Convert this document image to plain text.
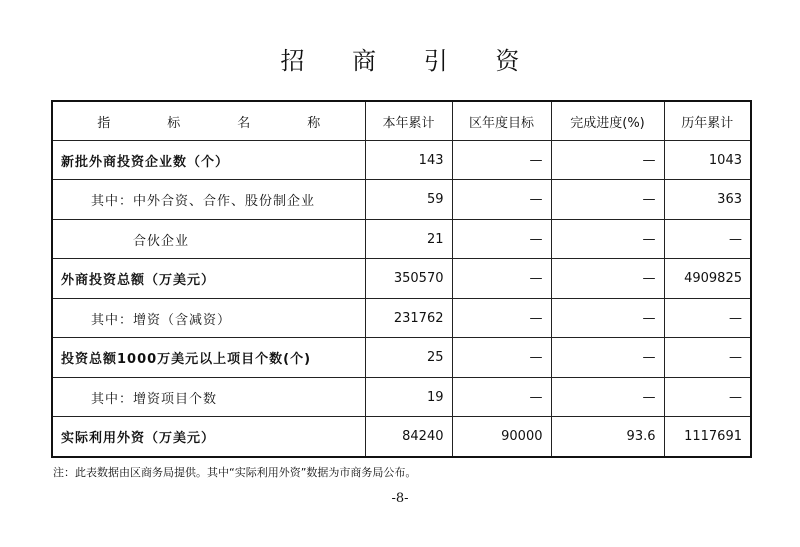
招 商 引 资
指　标　名　称	本年累计	区年度目标	完成进度(%)	历年累计
新批外商投资企业数（个）	143	—	—	1043
其中：中外合资、合作、股份制企业	59	—	—	363
合伙企业	21	—	—	—
外商投资总额（万美元）	350570	—	—	4909825
其中：增资（含减资）	231762	—	—	—
投资总额1000万美元以上项目个数(个)	25	—	—	—
其中：增资项目个数	19	—	—	—
实际利用外资（万美元）	84240	90000	93.6	1117691
注：此表数据由区商务局提供。其中“实际利用外资”数据为市商务局公布。
-8-
